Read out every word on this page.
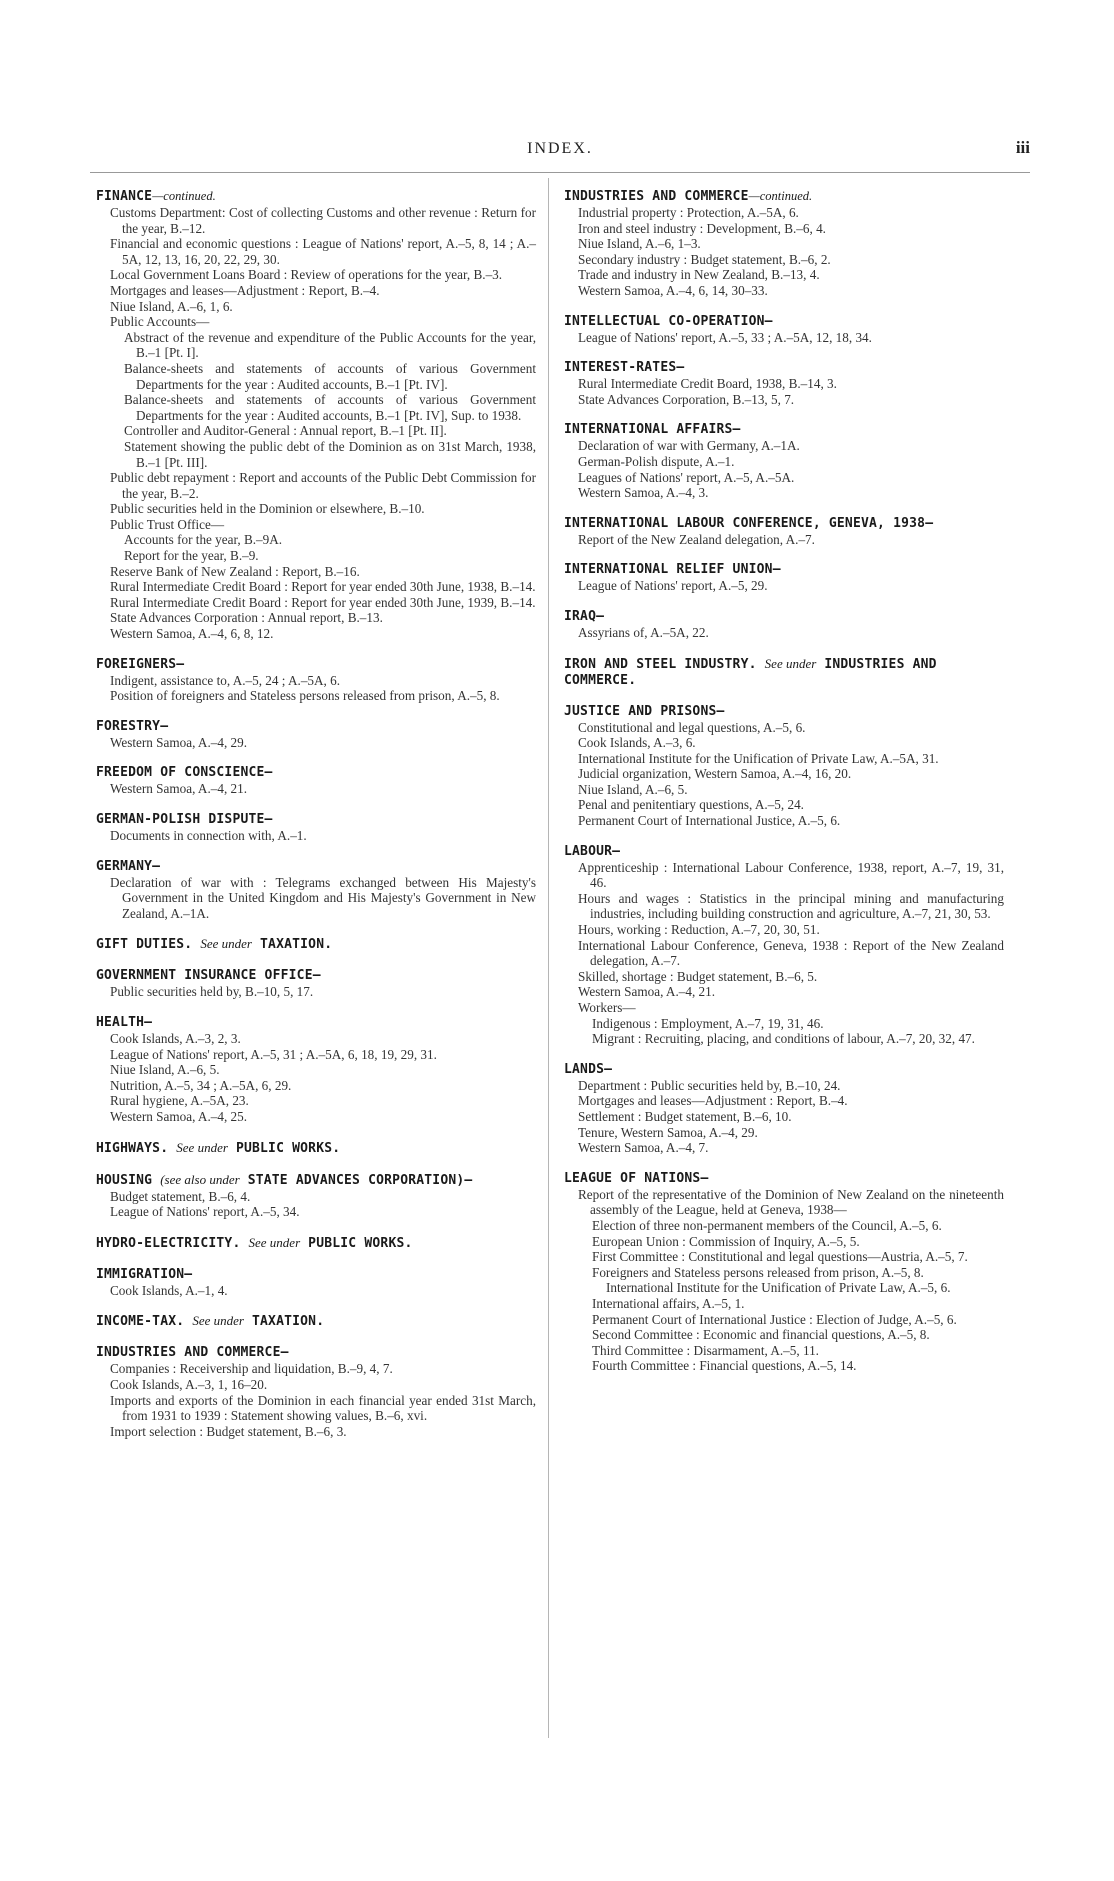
INDEX.	iii
FINANCE—continued.
Customs Department: Cost of collecting Customs and other revenue : Return for the year, B.–12.
Financial and economic questions : League of Nations' report, A.–5, 8, 14 ; A.–5A, 12, 13, 16, 20, 22, 29, 30.
Local Government Loans Board : Review of operations for the year, B.–3.
Mortgages and leases—Adjustment : Report, B.–4.
Niue Island, A.–6, 1, 6.
Public Accounts—
Abstract of the revenue and expenditure of the Public Accounts for the year, B.–1 [Pt. I].
Balance-sheets and statements of accounts of various Government Departments for the year : Audited accounts, B.–1 [Pt. IV].
Balance-sheets and statements of accounts of various Government Departments for the year : Audited accounts, B.–1 [Pt. IV], Sup. to 1938.
Controller and Auditor-General : Annual report, B.–1 [Pt. II].
Statement showing the public debt of the Dominion as on 31st March, 1938, B.–1 [Pt. III].
Public debt repayment : Report and accounts of the Public Debt Commission for the year, B.–2.
Public securities held in the Dominion or elsewhere, B.–10.
Public Trust Office—
Accounts for the year, B.–9A.
Report for the year, B.–9.
Reserve Bank of New Zealand : Report, B.–16.
Rural Intermediate Credit Board : Report for year ended 30th June, 1938, B.–14.
Rural Intermediate Credit Board : Report for year ended 30th June, 1939, B.–14.
State Advances Corporation : Annual report, B.–13.
Western Samoa, A.–4, 6, 8, 12.
FOREIGNERS—
Indigent, assistance to, A.–5, 24 ; A.–5A, 6.
Position of foreigners and Stateless persons released from prison, A.–5, 8.
FORESTRY—
Western Samoa, A.–4, 29.
FREEDOM OF CONSCIENCE—
Western Samoa, A.–4, 21.
GERMAN-POLISH DISPUTE—
Documents in connection with, A.–1.
GERMANY—
Declaration of war with : Telegrams exchanged between His Majesty's Government in the United Kingdom and His Majesty's Government in New Zealand, A.–1A.
GIFT DUTIES. See under TAXATION.
GOVERNMENT INSURANCE OFFICE—
Public securities held by, B.–10, 5, 17.
HEALTH—
Cook Islands, A.–3, 2, 3.
League of Nations' report, A.–5, 31 ; A.–5A, 6, 18, 19, 29, 31.
Niue Island, A.–6, 5.
Nutrition, A.–5, 34 ; A.–5A, 6, 29.
Rural hygiene, A.–5A, 23.
Western Samoa, A.–4, 25.
HIGHWAYS. See under PUBLIC WORKS.
HOUSING (see also under STATE ADVANCES CORPORATION)—
Budget statement, B.–6, 4.
League of Nations' report, A.–5, 34.
HYDRO-ELECTRICITY. See under PUBLIC WORKS.
IMMIGRATION—
Cook Islands, A.–1, 4.
INCOME-TAX. See under TAXATION.
INDUSTRIES AND COMMERCE—
Companies : Receivership and liquidation, B.–9, 4, 7.
Cook Islands, A.–3, 1, 16–20.
Imports and exports of the Dominion in each financial year ended 31st March, from 1931 to 1939 : Statement showing values, B.–6, xvi.
Import selection : Budget statement, B.–6, 3.
INDUSTRIES AND COMMERCE—continued.
Industrial property : Protection, A.–5A, 6.
Iron and steel industry : Development, B.–6, 4.
Niue Island, A.–6, 1–3.
Secondary industry : Budget statement, B.–6, 2.
Trade and industry in New Zealand, B.–13, 4.
Western Samoa, A.–4, 6, 14, 30–33.
INTELLECTUAL CO-OPERATION—
League of Nations' report, A.–5, 33 ; A.–5A, 12, 18, 34.
INTEREST-RATES—
Rural Intermediate Credit Board, 1938, B.–14, 3.
State Advances Corporation, B.–13, 5, 7.
INTERNATIONAL AFFAIRS—
Declaration of war with Germany, A.–1A.
German-Polish dispute, A.–1.
Leagues of Nations' report, A.–5, A.–5A.
Western Samoa, A.–4, 3.
INTERNATIONAL LABOUR CONFERENCE, GENEVA, 1938—
Report of the New Zealand delegation, A.–7.
INTERNATIONAL RELIEF UNION—
League of Nations' report, A.–5, 29.
IRAQ—
Assyrians of, A.–5A, 22.
IRON AND STEEL INDUSTRY. See under INDUSTRIES AND COMMERCE.
JUSTICE AND PRISONS—
Constitutional and legal questions, A.–5, 6.
Cook Islands, A.–3, 6.
International Institute for the Unification of Private Law, A.–5A, 31.
Judicial organization, Western Samoa, A.–4, 16, 20.
Niue Island, A.–6, 5.
Penal and penitentiary questions, A.–5, 24.
Permanent Court of International Justice, A.–5, 6.
LABOUR—
Apprenticeship : International Labour Conference, 1938, report, A.–7, 19, 31, 46.
Hours and wages : Statistics in the principal mining and manufacturing industries, including building construction and agriculture, A.–7, 21, 30, 53.
Hours, working : Reduction, A.–7, 20, 30, 51.
International Labour Conference, Geneva, 1938 : Report of the New Zealand delegation, A.–7.
Skilled, shortage : Budget statement, B.–6, 5.
Western Samoa, A.–4, 21.
Workers—
Indigenous : Employment, A.–7, 19, 31, 46.
Migrant : Recruiting, placing, and conditions of labour, A.–7, 20, 32, 47.
LANDS—
Department : Public securities held by, B.–10, 24.
Mortgages and leases—Adjustment : Report, B.–4.
Settlement : Budget statement, B.–6, 10.
Tenure, Western Samoa, A.–4, 29.
Western Samoa, A.–4, 7.
LEAGUE OF NATIONS—
Report of the representative of the Dominion of New Zealand on the nineteenth assembly of the League, held at Geneva, 1938—
Election of three non-permanent members of the Council, A.–5, 6.
European Union : Commission of Inquiry, A.–5, 5.
First Committee : Constitutional and legal questions—Austria, A.–5, 7.
Foreigners and Stateless persons released from prison, A.–5, 8.
International Institute for the Unification of Private Law, A.–5, 6.
International affairs, A.–5, 1.
Permanent Court of International Justice : Election of Judge, A.–5, 6.
Second Committee : Economic and financial questions, A.–5, 8.
Third Committee : Disarmament, A.–5, 11.
Fourth Committee : Financial questions, A.–5, 14.
